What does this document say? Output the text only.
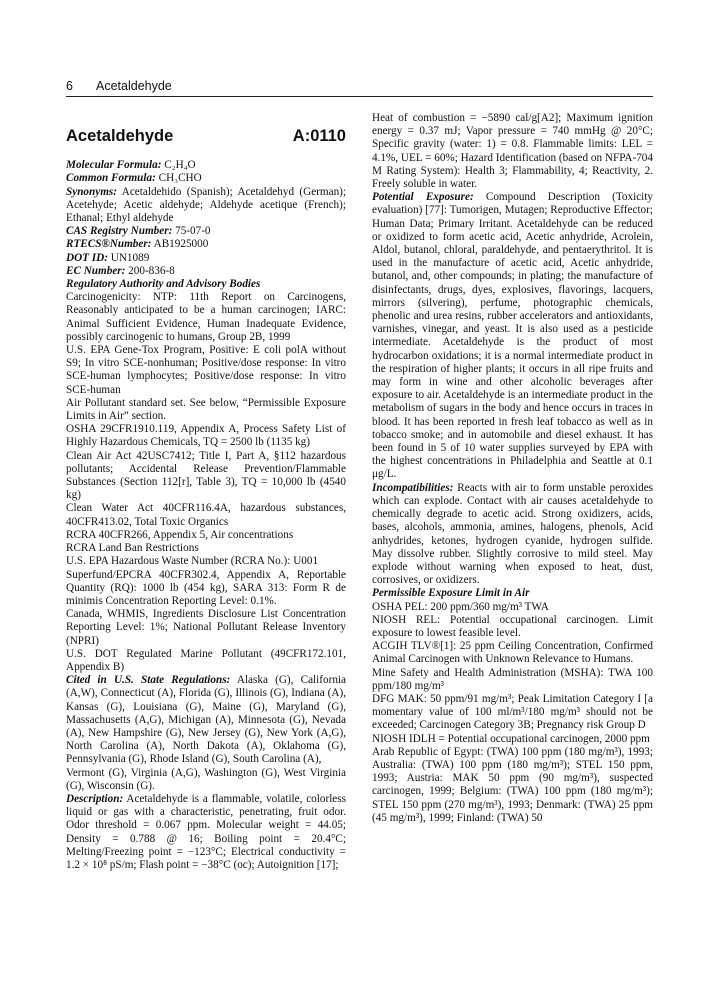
6 Acetaldehyde
Acetaldehyde	A:0110

Molecular Formula: C₂H₄O

Common Formula: CH₃CHO

Synonyms: Acetaldehido (Spanish); Acetaldehyd (German); Acetehyde; Acetic aldehyde; Aldehyde acetique (French); Ethanal; Ethyl aldehyde

CAS Registry Number: 75-07-0

RTECS®Number: AB1925000

DOT ID: UN1089

EC Number: 200-836-8

Regulatory Authority and Advisory Bodies

Carcinogenicity: NTP: 11th Report on Carcinogens, Reasonably anticipated to be a human carcinogen; IARC: Animal Sufficient Evidence, Human Inadequate Evidence, possibly carcinogenic to humans, Group 2B, 1999

U.S. EPA Gene-Tox Program, Positive: E coli polA without S9; In vitro SCE-nonhuman; Positive/dose response: In vitro SCE-human lymphocytes; Positive/dose response: In vitro SCE-human

Air Pollutant standard set. See below, “Permissible Exposure Limits in Air” section.

OSHA 29CFR1910.119, Appendix A, Process Safety List of Highly Hazardous Chemicals, TQ = 2500 lb (1135 kg)

Clean Air Act 42USC7412; Title I, Part A, §112 hazardous pollutants; Accidental Release Prevention/Flammable Substances (Section 112[r], Table 3), TQ = 10,000 lb (4540 kg)

Clean Water Act 40CFR116.4A, hazardous substances, 40CFR413.02, Total Toxic Organics

RCRA 40CFR266, Appendix 5, Air concentrations

RCRA Land Ban Restrictions

U.S. EPA Hazardous Waste Number (RCRA No.): U001

Superfund/EPCRA 40CFR302.4, Appendix A, Reportable Quantity (RQ): 1000 lb (454 kg), SARA 313: Form R de minimis Concentration Reporting Level: 0.1%.

Canada, WHMIS, Ingredients Disclosure List Concentration Reporting Level: 1%; National Pollutant Release Inventory (NPRI)

U.S. DOT Regulated Marine Pollutant (49CFR172.101, Appendix B)

Cited in U.S. State Regulations: Alaska (G), California (A,W), Connecticut (A), Florida (G), Illinois (G), Indiana (A), Kansas (G), Louisiana (G), Maine (G), Maryland (G), Massachusetts (A,G), Michigan (A), Minnesota (G), Nevada (A), New Hampshire (G), New Jersey (G), New York (A,G), North Carolina (A), North Dakota (A), Oklahoma (G), Pennsylvania (G), Rhode Island (G), South Carolina (A),

Vermont (G), Virginia (A,G), Washington (G), West Virginia (G), Wisconsin (G).

Description: Acetaldehyde is a flammable, volatile, colorless liquid or gas with a characteristic, penetrating, fruit odor. Odor threshold = 0.067 ppm. Molecular weight = 44.05; Density = 0.788 @ 16; Boiling point = 20.4°C; Melting/Freezing point = −123°C; Electrical conductivity = 1.2 × 10⁸ pS/m; Flash point = −38°C (oc); Autoignition [17];

Heat of combustion = −5890 cal/g[A2]; Maximum ignition energy = 0.37 mJ; Vapor pressure = 740 mmHg @ 20°C; Specific gravity (water: 1) = 0.8. Flammable limits: LEL = 4.1%, UEL = 60%; Hazard Identification (based on NFPA-704 M Rating System): Health 3; Flammability, 4; Reactivity, 2. Freely soluble in water.

Potential Exposure: Compound Description (Toxicity evaluation) [77]: Tumorigen, Mutagen; Reproductive Effector; Human Data; Primary Irritant. Acetaldehyde can be reduced or oxidized to form acetic acid, Acetic anhydride, Acrolein, Aldol, butanol, chloral, paraldehyde, and pentaerythritol. It is used in the manufacture of acetic acid, Acetic anhydride, butanol, and, other compounds; in plating; the manufacture of disinfectants, drugs, dyes, explosives, flavorings, lacquers, mirrors (silvering), perfume, photographic chemicals, phenolic and urea resins, rubber accelerators and antioxidants, varnishes, vinegar, and yeast. It is also used as a pesticide intermediate. Acetaldehyde is the product of most hydrocarbon oxidations; it is a normal intermediate product in the respiration of higher plants; it occurs in all ripe fruits and may form in wine and other alcoholic beverages after exposure to air. Acetaldehyde is an intermediate product in the metabolism of sugars in the body and hence occurs in traces in blood. It has been reported in fresh leaf tobacco as well as in tobacco smoke; and in automobile and diesel exhaust. It has been found in 5 of 10 water supplies surveyed by EPA with the highest concentrations in Philadelphia and Seattle at 0.1 μg/L.

Incompatibilities: Reacts with air to form unstable peroxides which can explode. Contact with air causes acetaldehyde to chemically degrade to acetic acid. Strong oxidizers, acids, bases, alcohols, ammonia, amines, halogens, phenols, Acid anhydrides, ketones, hydrogen cyanide, hydrogen sulfide. May dissolve rubber. Slightly corrosive to mild steel. May explode without warning when exposed to heat, dust, corrosives, or oxidizers.

Permissible Exposure Limit in Air

OSHA PEL: 200 ppm/360 mg/m³ TWA

NIOSH REL: Potential occupational carcinogen. Limit exposure to lowest feasible level.

ACGIH TLV®[1]: 25 ppm Ceiling Concentration, Confirmed Animal Carcinogen with Unknown Relevance to Humans.

Mine Safety and Health Administration (MSHA): TWA 100 ppm/180 mg/m³

DFG MAK: 50 ppm/91 mg/m³; Peak Limitation Category I [a momentary value of 100 ml/m³/180 mg/m³ should not be exceeded; Carcinogen Category 3B; Pregnancy risk Group D

NIOSH IDLH = Potential occupational carcinogen, 2000 ppm

Arab Republic of Egypt: (TWA) 100 ppm (180 mg/m³), 1993; Australia: (TWA) 100 ppm (180 mg/m³); STEL 150 ppm, 1993; Austria: MAK 50 ppm (90 mg/m³), suspected carcinogen, 1999; Belgium: (TWA) 100 ppm (180 mg/m³); STEL 150 ppm (270 mg/m³), 1993; Denmark: (TWA) 25 ppm (45 mg/m³), 1999; Finland: (TWA) 50
